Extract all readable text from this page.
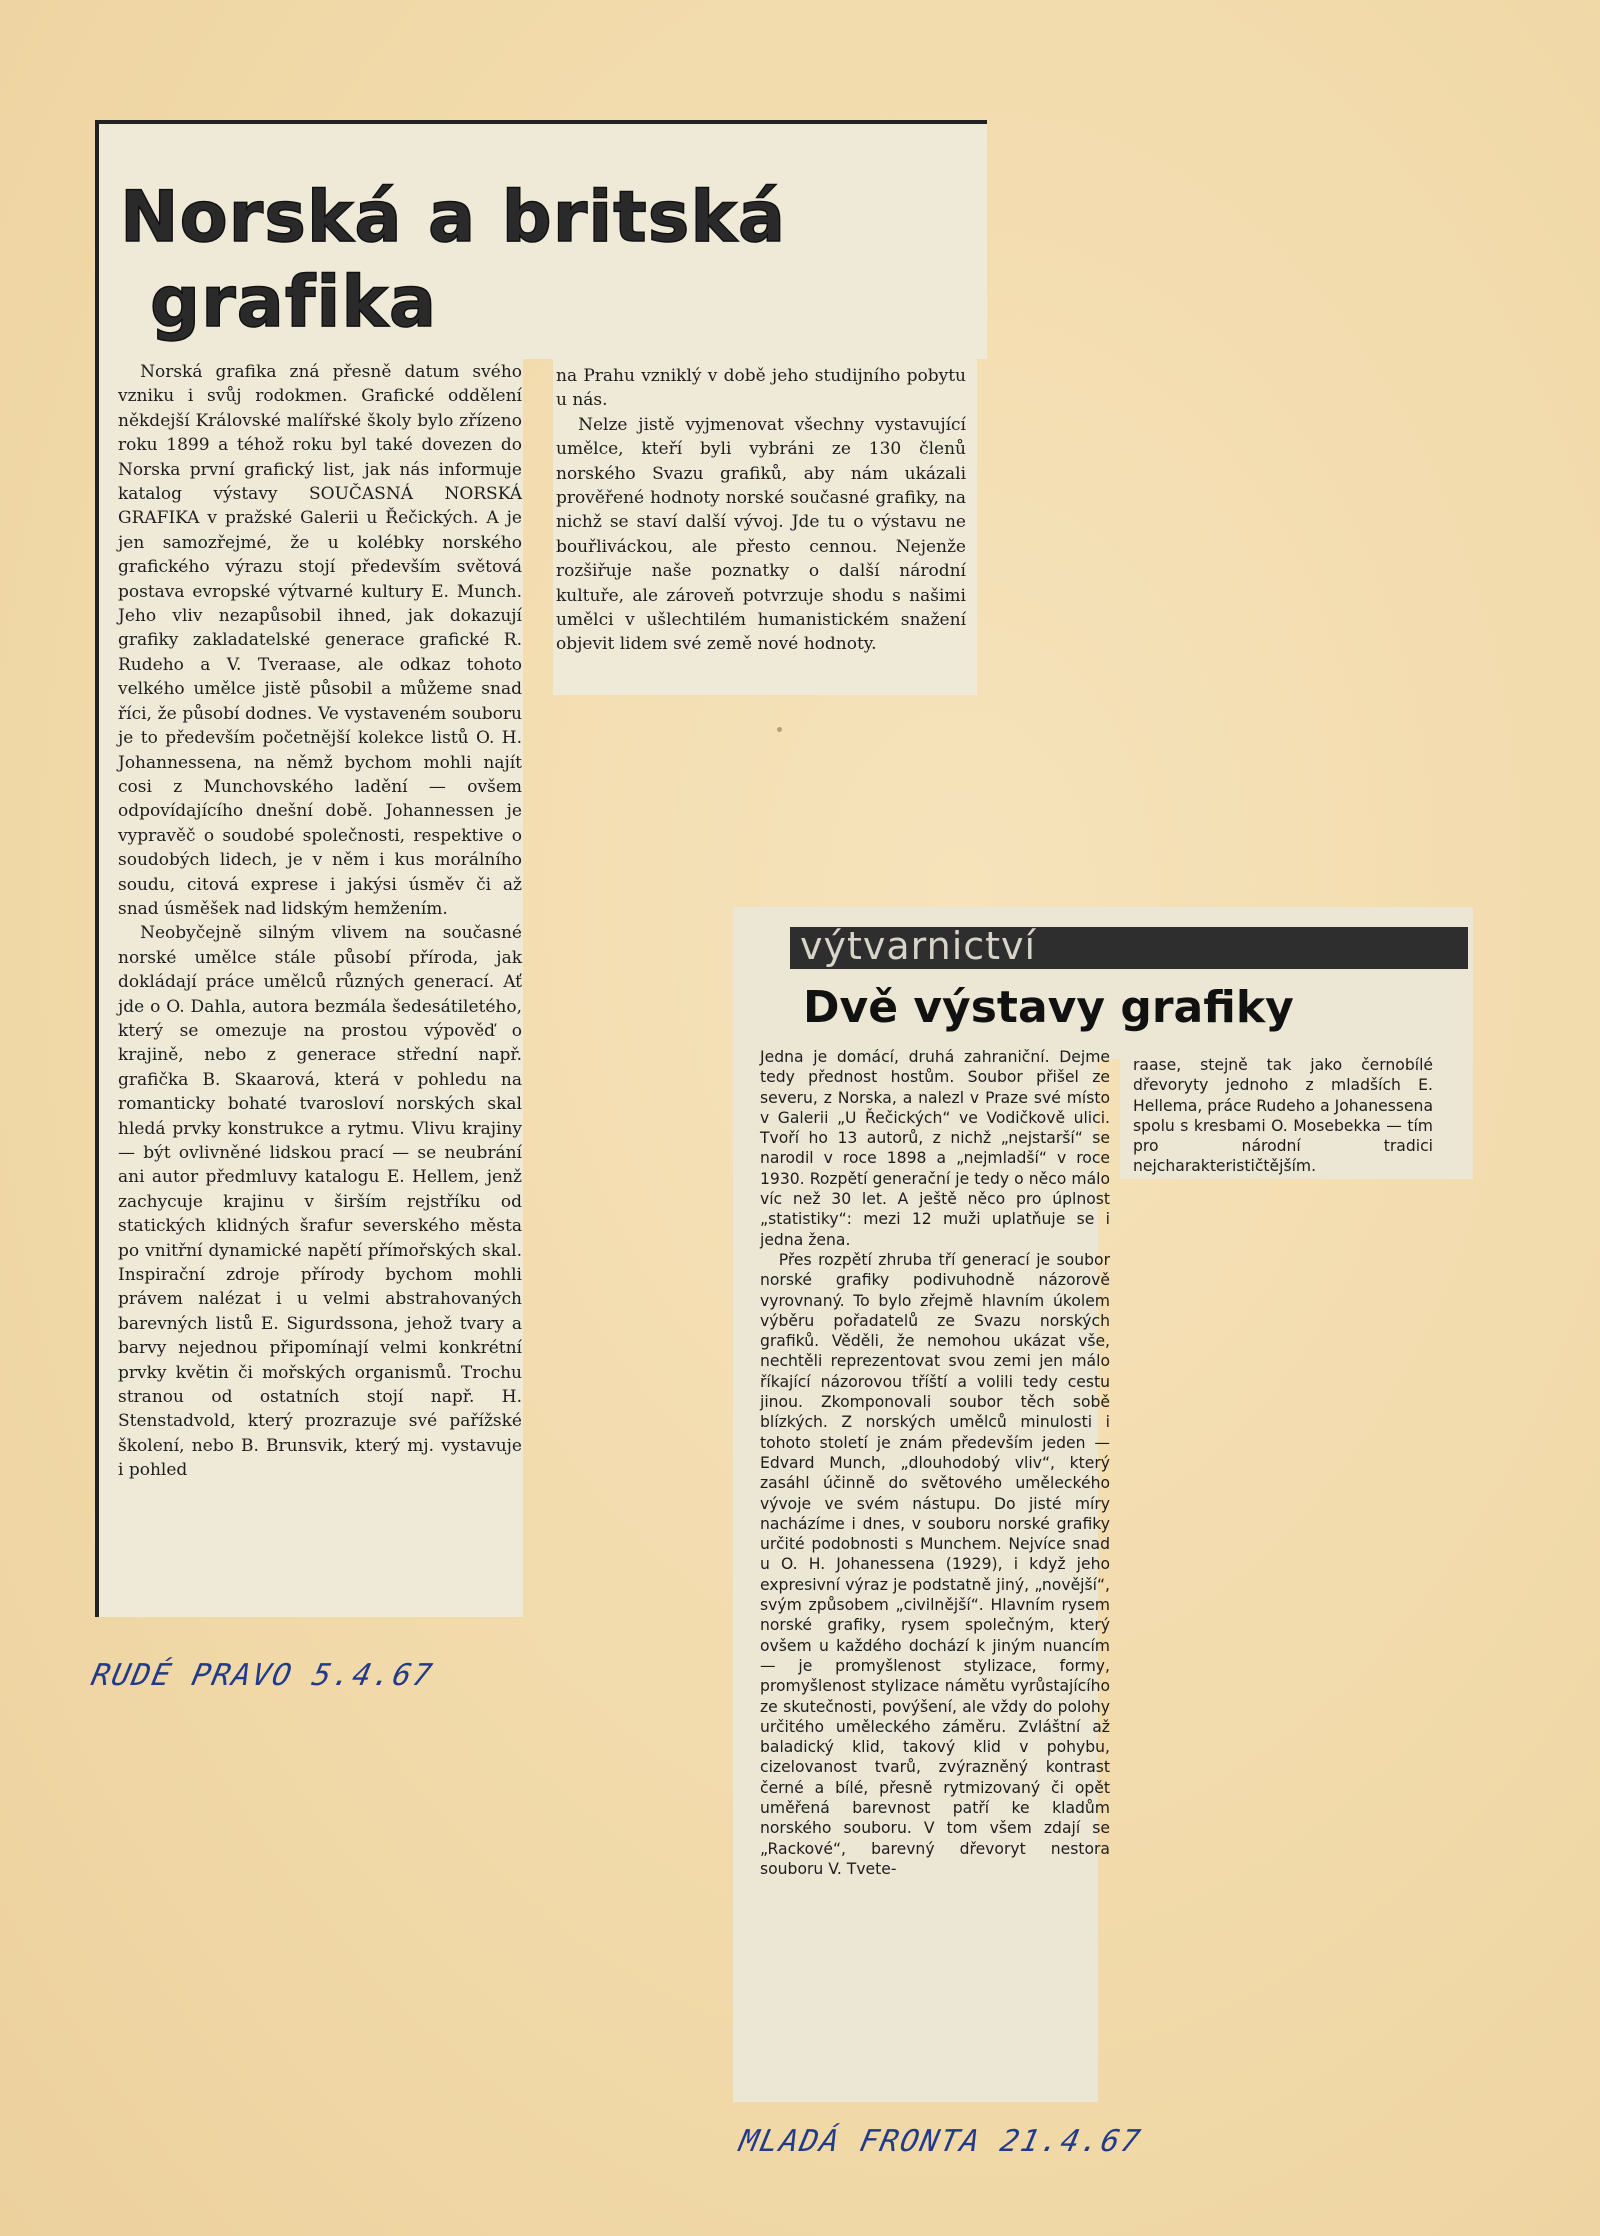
Norská a britská
grafika

Norská grafika zná přesně datum svého vzniku i svůj rodokmen. Grafické oddělení někdejší Královské malířské školy bylo zřízeno roku 1899 a téhož roku byl také dovezen do Norska první grafický list, jak nás informuje katalog výstavy SOUČASNÁ NORSKÁ GRAFIKA v pražské Galerii u Řečických. A je jen samozřejmé, že u kolébky norského grafického výrazu stojí především světová postava evropské výtvarné kultury E. Munch. Jeho vliv nezapůsobil ihned, jak dokazují grafiky zakladatelské generace grafické R. Rudeho a V. Tveraase, ale odkaz tohoto velkého umělce jistě působil a můžeme snad říci, že působí dodnes. Ve vystaveném souboru je to především početnější kolekce listů O. H. Johannessena, na němž bychom mohli najít cosi z Munchovského ladění — ovšem odpovídajícího dnešní době. Johannessen je vypravěč o soudobé společnosti, respektive o soudobých lidech, je v něm i kus morálního soudu, citová exprese i jakýsi úsměv či až snad úsměšek nad lidským hemžením.

Neobyčejně silným vlivem na současné norské umělce stále působí příroda, jak dokládají práce umělců různých generací. Ať jde o O. Dahla, autora bezmála šedesátiletého, který se omezuje na prostou výpověď o krajině, nebo z generace střední např. grafička B. Skaarová, která v pohledu na romanticky bohaté tvarosloví norských skal hledá prvky konstrukce a rytmu. Vlivu krajiny — být ovlivněné lidskou prací — se neubrání ani autor předmluvy katalogu E. Hellem, jenž zachycuje krajinu v širším rejstříku od statických klidných šrafur severského města po vnitřní dynamické napětí přímořských skal. Inspirační zdroje přírody bychom mohli právem nalézat i u velmi abstrahovaných barevných listů E. Sigurdssona, jehož tvary a barvy nejednou připomínají velmi konkrétní prvky květin či mořských organismů. Trochu stranou od ostatních stojí např. H. Stenstadvold, který prozrazuje své pařížské školení, nebo B. Brunsvik, který mj. vystavuje i pohled

na Prahu vzniklý v době jeho studijního pobytu u nás.

Nelze jistě vyjmenovat všechny vystavující umělce, kteří byli vybráni ze 130 členů norského Svazu grafiků, aby nám ukázali prověřené hodnoty norské současné grafiky, na nichž se staví další vývoj. Jde tu o výstavu ne bouřliváckou, ale přesto cennou. Nejenže rozšiřuje naše poznatky o další národní kultuře, ale zároveň potvrzuje shodu s našimi umělci v ušlechtilém humanistickém snažení objevit lidem své země nové hodnoty.

RUDÉ PRAVO 5.4.67

výtvarnictví

Dvě výstavy grafiky

Jedna je domácí, druhá zahraniční. Dejme tedy přednost hostům. Soubor přišel ze severu, z Norska, a nalezl v Praze své místo v Galerii „U Řečických“ ve Vodičkově ulici. Tvoří ho 13 autorů, z nichž „nejstarší“ se narodil v roce 1898 a „nejmladší“ v roce 1930. Rozpětí generační je tedy o něco málo víc než 30 let. A ještě něco pro úplnost „statistiky“: mezi 12 muži uplatňuje se i jedna žena.

Přes rozpětí zhruba tří generací je soubor norské grafiky podivuhodně názorově vyrovnaný. To bylo zřejmě hlavním úkolem výběru pořadatelů ze Svazu norských grafiků. Věděli, že nemohou ukázat vše, nechtěli reprezentovat svou zemi jen málo říkající názorovou tříští a volili tedy cestu jinou. Zkomponovali soubor těch sobě blízkých. Z norských umělců minulosti i tohoto století je znám především jeden — Edvard Munch, „dlouhodobý vliv“, který zasáhl účinně do světového uměleckého vývoje ve svém nástupu. Do jisté míry nacházíme i dnes, v souboru norské grafiky určité podobnosti s Munchem. Nejvíce snad u O. H. Johanessena (1929), i když jeho expresivní výraz je podstatně jiný, „novější“, svým způsobem „civilnější“. Hlavním rysem norské grafiky, rysem společným, který ovšem u každého dochází k jiným nuancím — je promyšlenost stylizace, formy, promyšlenost stylizace námětu vyrůstajícího ze skutečnosti, povýšení, ale vždy do polohy určitého uměleckého záměru. Zvláštní až baladický klid, takový klid v pohybu, cizelovanost tvarů, zvýrazněný kontrast černé a bílé, přesně rytmizovaný či opět uměřená barevnost patří ke kladům norského souboru. V tom všem zdají se „Rackové“, barevný dřevoryt nestora souboru V. Tvete-

raase, stejně tak jako černobílé dřevoryty jednoho z mladších E. Hellema, práce Rudeho a Johanessena spolu s kresbami O. Mosebekka — tím pro národní tradici nejcharakterističtějším.

MLADÁ FRONTA 21.4.67
